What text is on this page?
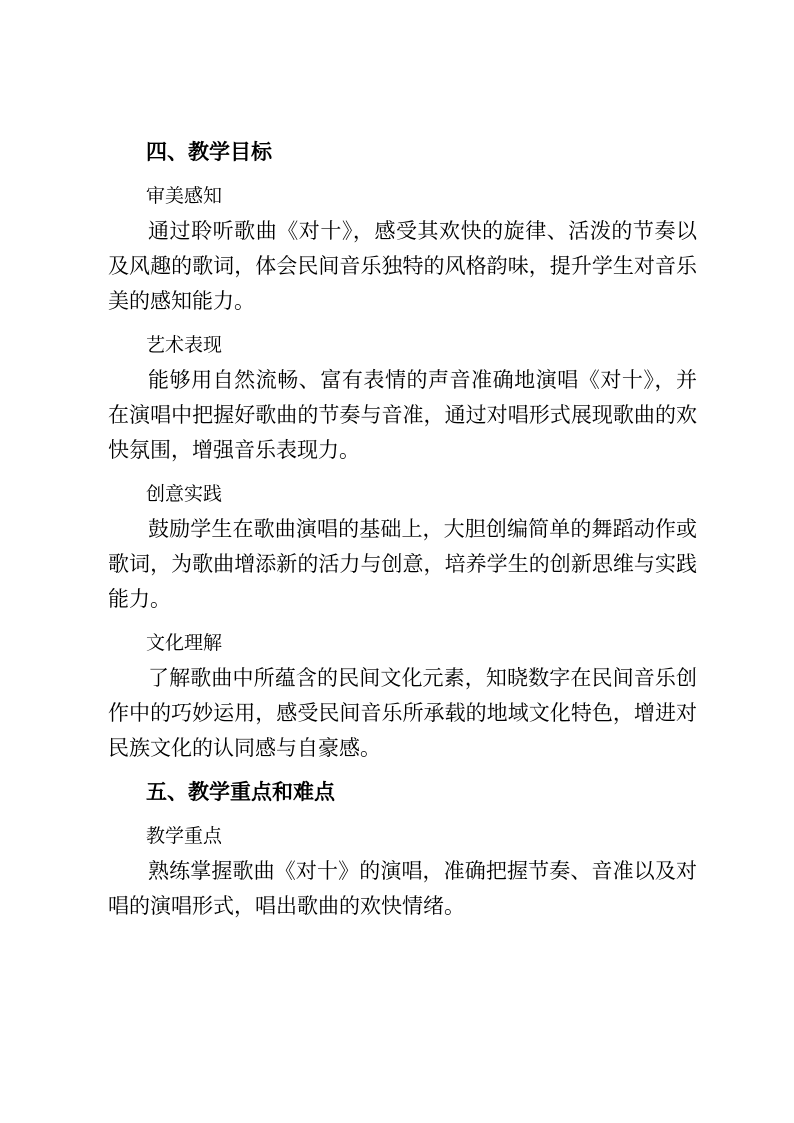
四、教学目标
审美感知
通过聆听歌曲《对十》，感受其欢快的旋律、活泼的节奏以及风趣的歌词，体会民间音乐独特的风格韵味，提升学生对音乐美的感知能力。
艺术表现
能够用自然流畅、富有表情的声音准确地演唱《对十》，并在演唱中把握好歌曲的节奏与音准，通过对唱形式展现歌曲的欢快氛围，增强音乐表现力。
创意实践
鼓励学生在歌曲演唱的基础上，大胆创编简单的舞蹈动作或歌词，为歌曲增添新的活力与创意，培养学生的创新思维与实践能力。
文化理解
了解歌曲中所蕴含的民间文化元素，知晓数字在民间音乐创作中的巧妙运用，感受民间音乐所承载的地域文化特色，增进对民族文化的认同感与自豪感。
五、教学重点和难点
教学重点
熟练掌握歌曲《对十》的演唱，准确把握节奏、音准以及对唱的演唱形式，唱出歌曲的欢快情绪。
